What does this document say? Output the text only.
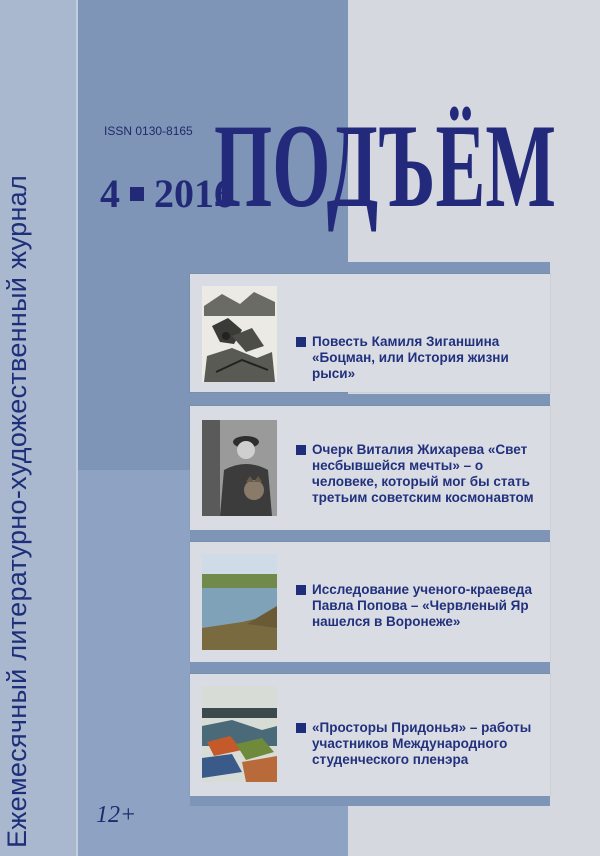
Ежемесячный литературно-художественный журнал
ISSN 0130-8165
4 2016
ПОДЪЁМ
Повесть Камиля Зиганшина «Боцман, или История жизни рыси»
Очерк Виталия Жихарева «Свет несбывшейся мечты» – о человеке, который мог бы стать третьим советским космонавтом
Исследование ученого-краеведа Павла Попова – «Червленый Яр нашелся в Воронеже»
«Просторы Придонья» – работы участников Международного студенческого пленэра
12+
